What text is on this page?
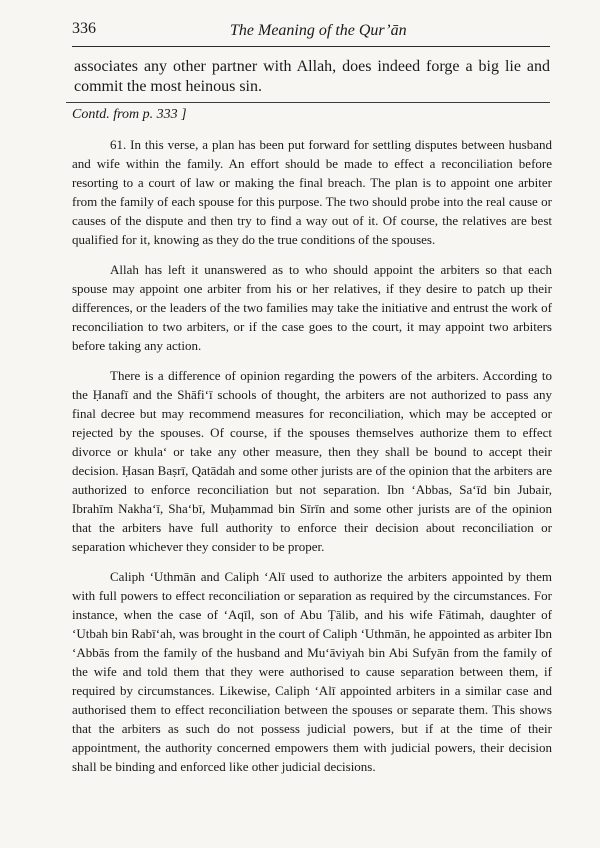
336	The Meaning of the Qur’ān

associates any other partner with Allah, does indeed forge a big lie and commit the most heinous sin.

Contd. from p. 333 ]

61. In this verse, a plan has been put forward for settling disputes between husband and wife within the family. An effort should be made to effect a reconciliation before resorting to a court of law or making the final breach. The plan is to appoint one arbiter from the family of each spouse for this purpose. The two should probe into the real cause or causes of the dispute and then try to find a way out of it. Of course, the relatives are best qualified for it, knowing as they do the true conditions of the spouses.

Allah has left it unanswered as to who should appoint the arbiters so that each spouse may appoint one arbiter from his or her relatives, if they desire to patch up their differences, or the leaders of the two families may take the initiative and entrust the work of reconciliation to two arbiters, or if the case goes to the court, it may appoint two arbiters before taking any action.

There is a difference of opinion regarding the powers of the arbiters. According to the Ḥanafī and the Shāfi‘ī schools of thought, the arbiters are not authorized to pass any final decree but may recommend measures for reconciliation, which may be accepted or rejected by the spouses. Of course, if the spouses themselves authorize them to effect divorce or khula‘ or take any other measure, then they shall be bound to accept their decision. Ḥasan Baṣrī, Qatādah and some other jurists are of the opinion that the arbiters are authorized to enforce reconciliation but not separation. Ibn ‘Abbas, Sa‘īd bin Jubair, Ibrahīm Nakha‘ī, Sha‘bī, Muḥammad bin Sīrīn and some other jurists are of the opinion that the arbiters have full authority to enforce their decision about reconciliation or separation whichever they consider to be proper.

Caliph ‘Uthmān and Caliph ‘Alī used to authorize the arbiters appointed by them with full powers to effect reconciliation or separation as required by the circumstances. For instance, when the case of ‘Aqīl, son of Abu Ṭālib, and his wife Fātimah, daughter of ‘Utbah bin Rabī‘ah, was brought in the court of Caliph ‘Uthmān, he appointed as arbiter Ibn ‘Abbās from the family of the husband and Mu‘āviyah bin Abi Sufyān from the family of the wife and told them that they were authorised to cause separation between them, if required by circumstances. Likewise, Caliph ‘Alī appointed arbiters in a similar case and authorised them to effect reconciliation between the spouses or separate them. This shows that the arbiters as such do not possess judicial powers, but if at the time of their appointment, the authority concerned empowers them with judicial powers, their decision shall be binding and enforced like other judicial decisions.
